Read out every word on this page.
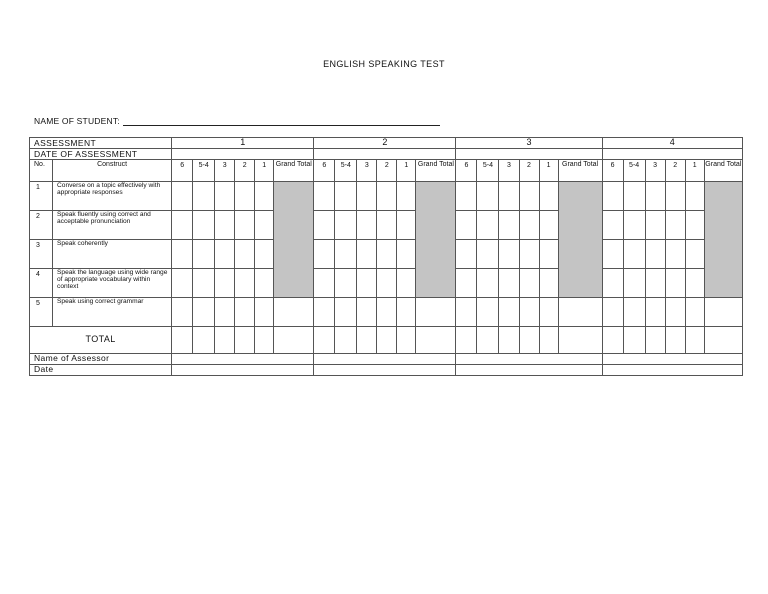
ENGLISH SPEAKING TEST
NAME OF STUDENT:
ASSESSMENT		1						2						3						4					
DATE OF ASSESSMENT																									
No.	Construct	6	5-4	3	2	1	Grand Total	6	5-4	3	2	1	Grand Total	6	5-4	3	2	1	Grand Total	6	5-4	3	2	1	Grand Total
1	Converse on a topic effectively with appropriate responses																								
2	Speak fluently using correct and acceptable pronunciation																								
3	Speak coherently																								
4	Speak the language using wide range of appropriate vocabulary within context																								
5	Speak using correct grammar																								
TOTAL																									
Name of Assessor																									
Date																									
